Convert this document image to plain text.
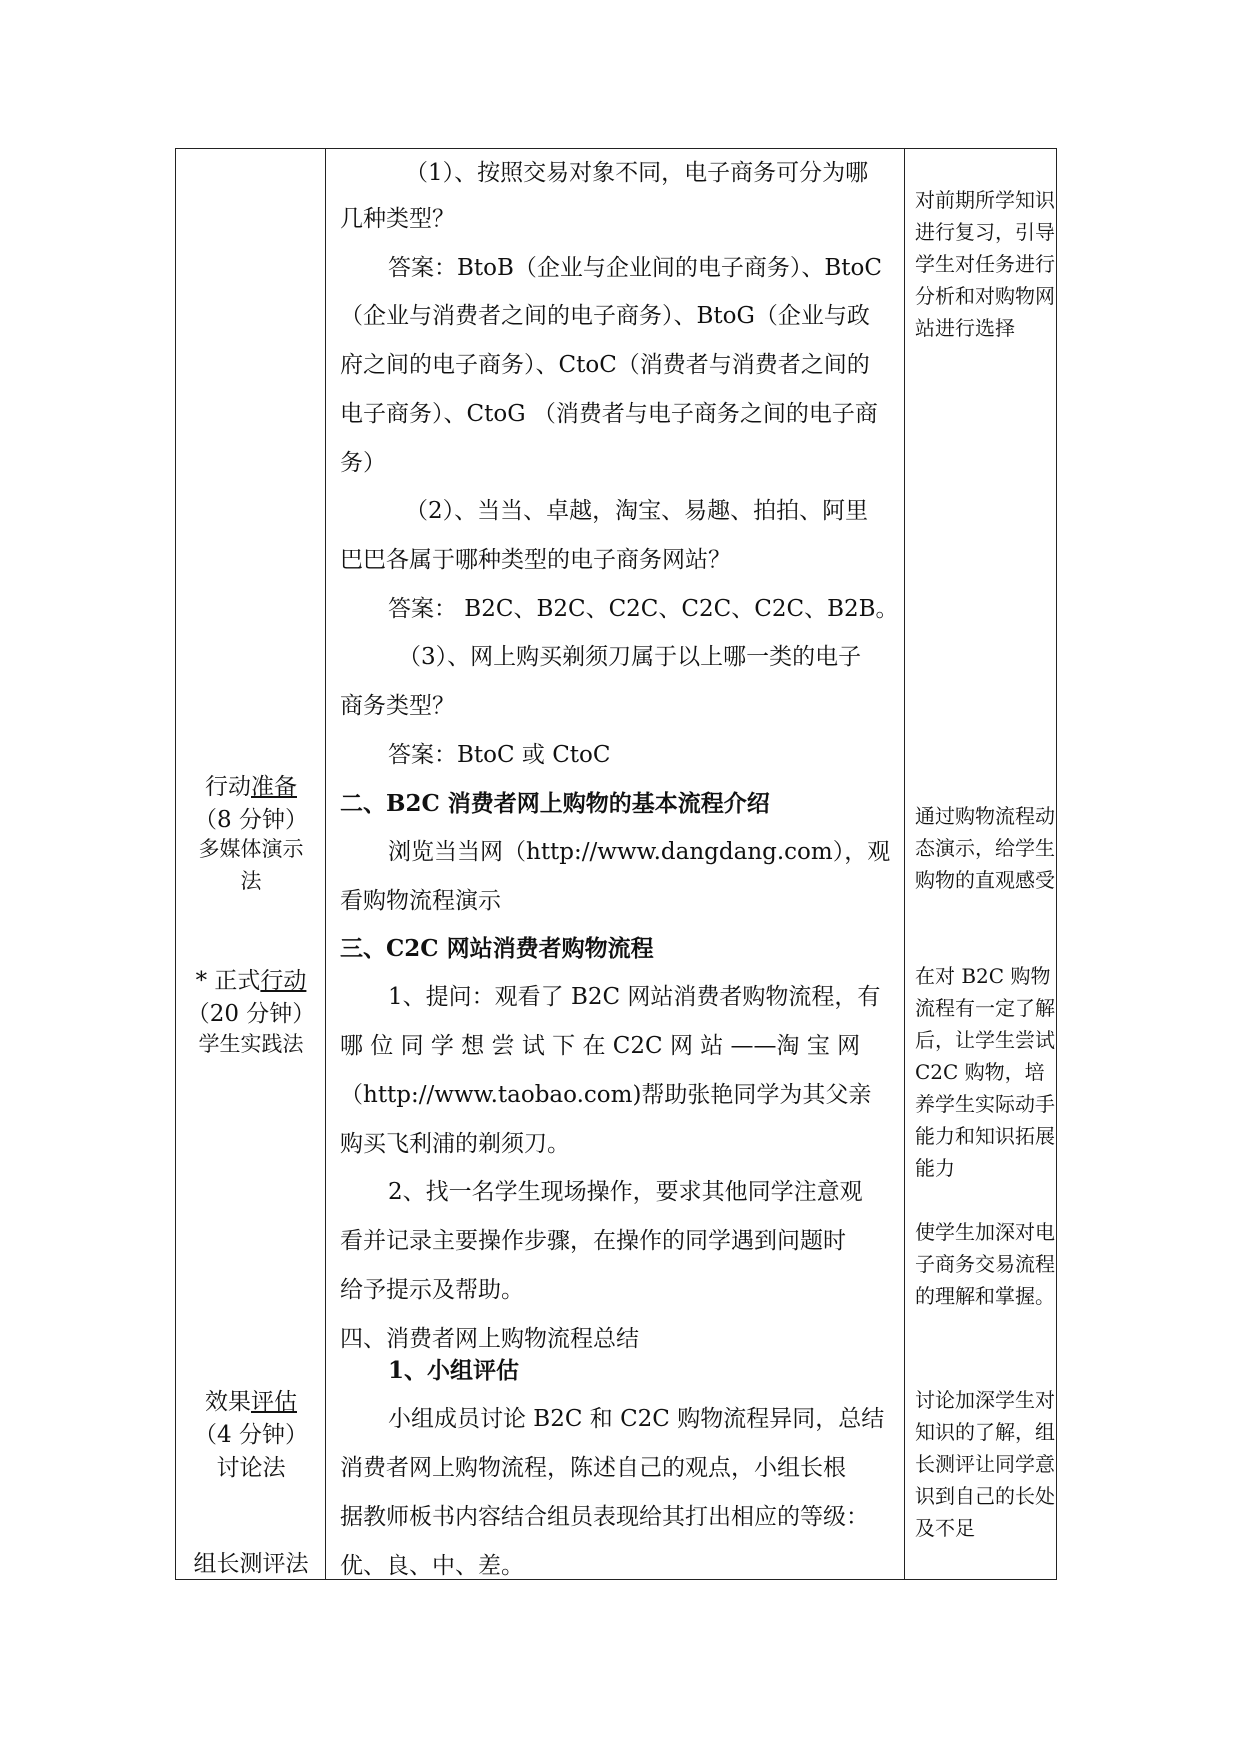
（1）、按照交易对象不同，电子商务可分为哪
几种类型？
答案：BtoB（企业与企业间的电子商务）、BtoC
（企业与消费者之间的电子商务）、BtoG（企业与政
府之间的电子商务）、CtoC（消费者与消费者之间的
电子商务）、CtoG （消费者与电子商务之间的电子商
务）
（2）、当当、卓越，淘宝、易趣、拍拍、阿里
巴巴各属于哪种类型的电子商务网站？
答案： B2C、B2C、C2C、C2C、C2C、B2B。
（3）、网上购买剃须刀属于以上哪一类的电子
商务类型？
答案：BtoC 或 CtoC
二、B2C 消费者网上购物的基本流程介绍
浏览当当网（http://www.dangdang.com），观
看购物流程演示
三、C2C 网站消费者购物流程
1、提问：观看了 B2C 网站消费者购物流程，有
哪 位 同 学 想 尝 试 下 在 C2C 网 站 ——淘 宝 网
（http://www.taobao.com)帮助张艳同学为其父亲
购买飞利浦的剃须刀。
2、找一名学生现场操作，要求其他同学注意观
看并记录主要操作步骤，在操作的同学遇到问题时
给予提示及帮助。
四、消费者网上购物流程总结
1、小组评估
小组成员讨论 B2C 和 C2C 购物流程异同，总结
消费者网上购物流程，陈述自己的观点，小组长根
据教师板书内容结合组员表现给其打出相应的等级：
优、良、中、差。
行动准备
（8 分钟）
多媒体演示
法
* 正式行动
（20 分钟）
学生实践法
效果评估
（4 分钟）
讨论法
组长测评法
对前期所学知识进行复习，引导学生对任务进行分析和对购物网站进行选择
通过购物流程动态演示，给学生购物的直观感受
在对 B2C 购物流程有一定了解后，让学生尝试 C2C 购物，培养学生实际动手能力和知识拓展能力
使学生加深对电子商务交易流程的理解和掌握。
讨论加深学生对知识的了解，组长测评让同学意识到自己的长处及不足
